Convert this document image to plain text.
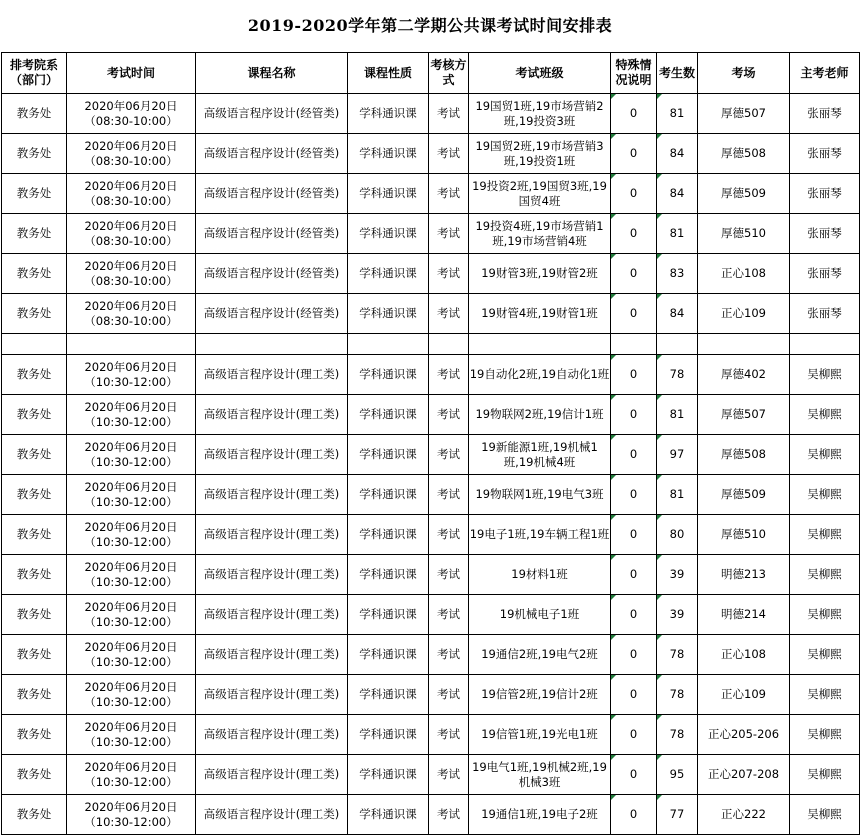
2019-2020学年第二学期公共课考试时间安排表
排考院系（部门）	考试时间	课程名称	课程性质	考核方式	考试班级	特殊情况说明	考生数	考场	主考老师
教务处	2020年06月20日（08:30-10:00）	高级语言程序设计(经管类)	学科通识课	考试	19国贸1班,19市场营销2班,19投资3班	0	81	厚德507	张丽琴
教务处	2020年06月20日（08:30-10:00）	高级语言程序设计(经管类)	学科通识课	考试	19国贸2班,19市场营销3班,19投资1班	0	84	厚德508	张丽琴
教务处	2020年06月20日（08:30-10:00）	高级语言程序设计(经管类)	学科通识课	考试	19投资2班,19国贸3班,19国贸4班	0	84	厚德509	张丽琴
教务处	2020年06月20日（08:30-10:00）	高级语言程序设计(经管类)	学科通识课	考试	19投资4班,19市场营销1班,19市场营销4班	0	81	厚德510	张丽琴
教务处	2020年06月20日（08:30-10:00）	高级语言程序设计(经管类)	学科通识课	考试	19财管3班,19财管2班	0	83	正心108	张丽琴
教务处	2020年06月20日（08:30-10:00）	高级语言程序设计(经管类)	学科通识课	考试	19财管4班,19财管1班	0	84	正心109	张丽琴

教务处	2020年06月20日（10:30-12:00）	高级语言程序设计(理工类)	学科通识课	考试	19自动化2班,19自动化1班	0	78	厚德402	吴柳熙
教务处	2020年06月20日（10:30-12:00）	高级语言程序设计(理工类)	学科通识课	考试	19物联网2班,19信计1班	0	81	厚德507	吴柳熙
教务处	2020年06月20日（10:30-12:00）	高级语言程序设计(理工类)	学科通识课	考试	19新能源1班,19机械1班,19机械4班	0	97	厚德508	吴柳熙
教务处	2020年06月20日（10:30-12:00）	高级语言程序设计(理工类)	学科通识课	考试	19物联网1班,19电气3班	0	81	厚德509	吴柳熙
教务处	2020年06月20日（10:30-12:00）	高级语言程序设计(理工类)	学科通识课	考试	19电子1班,19车辆工程1班	0	80	厚德510	吴柳熙
教务处	2020年06月20日（10:30-12:00）	高级语言程序设计(理工类)	学科通识课	考试	19材料1班	0	39	明德213	吴柳熙
教务处	2020年06月20日（10:30-12:00）	高级语言程序设计(理工类)	学科通识课	考试	19机械电子1班	0	39	明德214	吴柳熙
教务处	2020年06月20日（10:30-12:00）	高级语言程序设计(理工类)	学科通识课	考试	19通信2班,19电气2班	0	78	正心108	吴柳熙
教务处	2020年06月20日（10:30-12:00）	高级语言程序设计(理工类)	学科通识课	考试	19信管2班,19信计2班	0	78	正心109	吴柳熙
教务处	2020年06月20日（10:30-12:00）	高级语言程序设计(理工类)	学科通识课	考试	19信管1班,19光电1班	0	78	正心205-206	吴柳熙
教务处	2020年06月20日（10:30-12:00）	高级语言程序设计(理工类)	学科通识课	考试	19电气1班,19机械2班,19机械3班	0	95	正心207-208	吴柳熙
教务处	2020年06月20日（10:30-12:00）	高级语言程序设计(理工类)	学科通识课	考试	19通信1班,19电子2班	0	77	正心222	吴柳熙
